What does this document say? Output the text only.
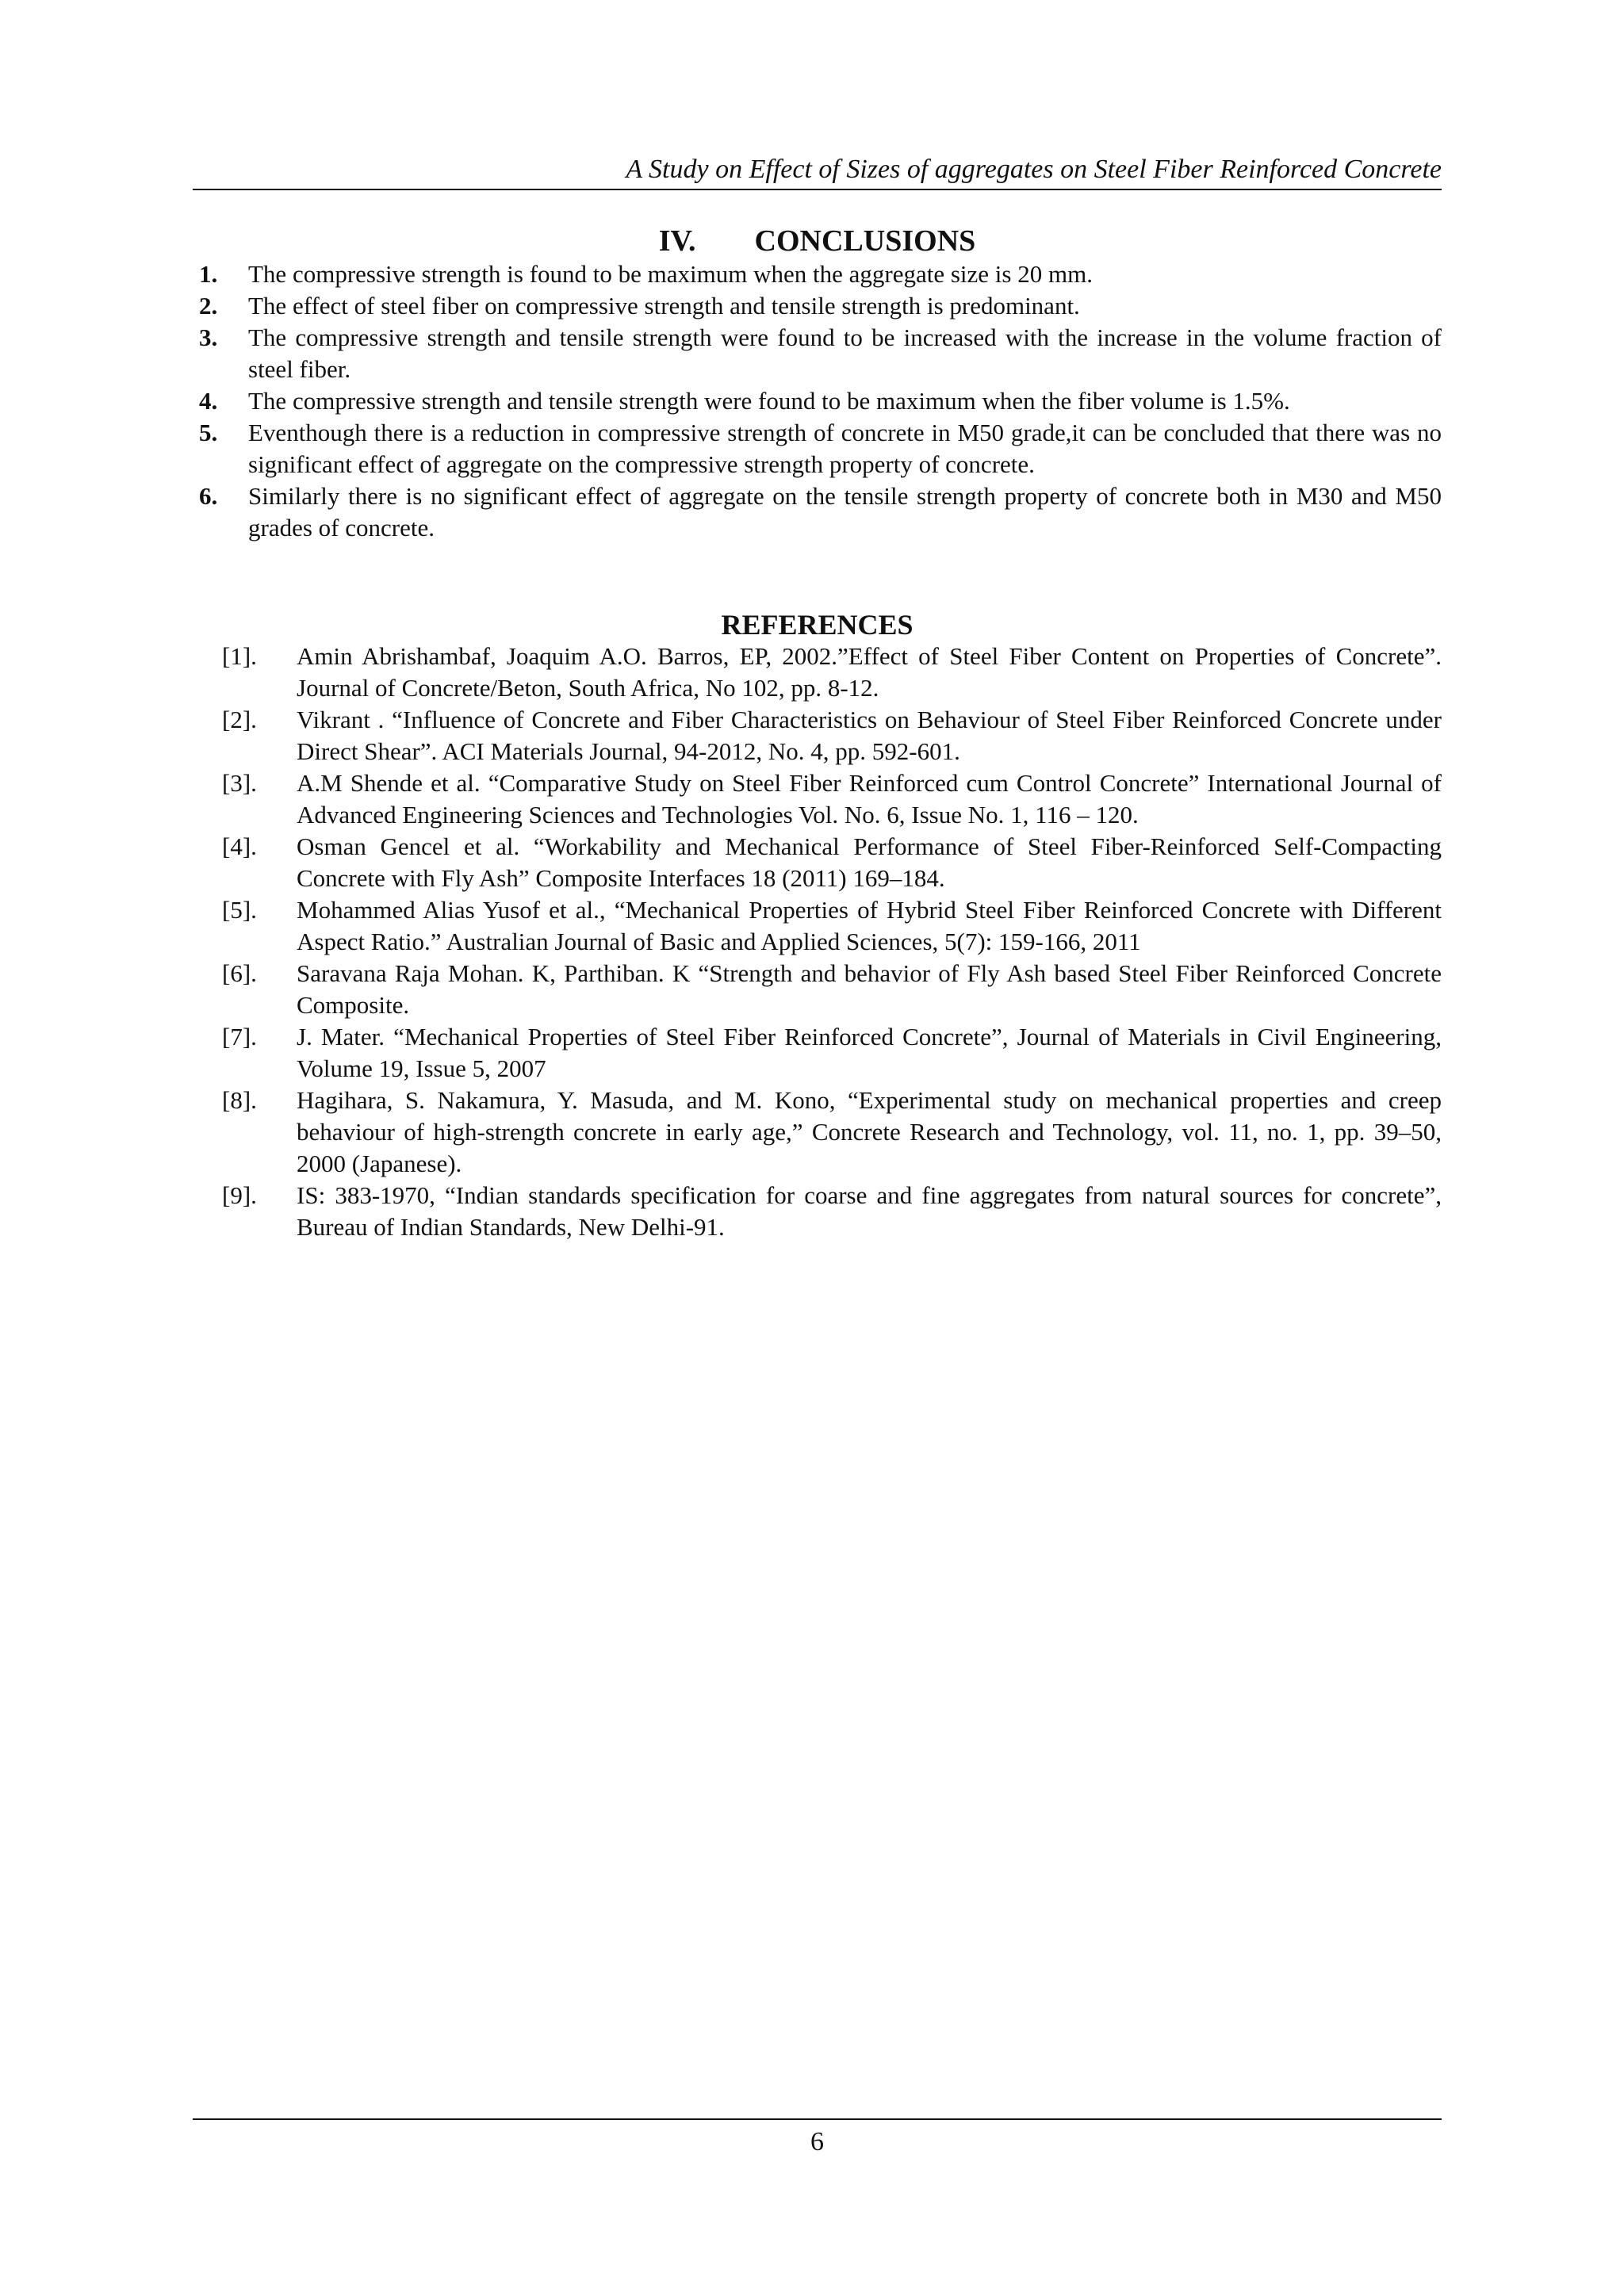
A Study on Effect of Sizes of aggregates on Steel Fiber Reinforced Concrete
IV. CONCLUSIONS
1. The compressive strength is found to be maximum when the aggregate size is 20 mm.
2. The effect of steel fiber on compressive strength and tensile strength is predominant.
3. The compressive strength and tensile strength were found to be increased with the increase in the volume fraction of steel fiber.
4. The compressive strength and tensile strength were found to be maximum when the fiber volume is 1.5%.
5. Eventhough there is a reduction in compressive strength of concrete in M50 grade,it can be concluded that there was no significant effect of aggregate on the compressive strength property of concrete.
6. Similarly there is no significant effect of aggregate on the tensile strength property of concrete both in M30 and M50 grades of concrete.
REFERENCES
[1]. Amin Abrishambaf, Joaquim A.O. Barros, EP, 2002.”Effect of Steel Fiber Content on Properties of Concrete”. Journal of Concrete/Beton, South Africa, No 102, pp. 8-12.
[2]. Vikrant . “Influence of Concrete and Fiber Characteristics on Behaviour of Steel Fiber Reinforced Concrete under Direct Shear”. ACI Materials Journal, 94-2012, No. 4, pp. 592-601.
[3]. A.M Shende et al. “Comparative Study on Steel Fiber Reinforced cum Control Concrete” International Journal of Advanced Engineering Sciences and Technologies Vol. No. 6, Issue No. 1, 116 – 120.
[4]. Osman Gencel et al. “Workability and Mechanical Performance of Steel Fiber-Reinforced Self-Compacting Concrete with Fly Ash” Composite Interfaces 18 (2011) 169–184.
[5]. Mohammed Alias Yusof et al., “Mechanical Properties of Hybrid Steel Fiber Reinforced Concrete with Different Aspect Ratio.” Australian Journal of Basic and Applied Sciences, 5(7): 159-166, 2011
[6]. Saravana Raja Mohan. K, Parthiban. K “Strength and behavior of Fly Ash based Steel Fiber Reinforced Concrete Composite.
[7]. J. Mater. “Mechanical Properties of Steel Fiber Reinforced Concrete”, Journal of Materials in Civil Engineering, Volume 19, Issue 5, 2007
[8]. Hagihara, S. Nakamura, Y. Masuda, and M. Kono, “Experimental study on mechanical properties and creep behaviour of high-strength concrete in early age,” Concrete Research and Technology, vol. 11, no. 1, pp. 39–50, 2000 (Japanese).
[9]. IS: 383-1970, “Indian standards specification for coarse and fine aggregates from natural sources for concrete”, Bureau of Indian Standards, New Delhi-91.
6
